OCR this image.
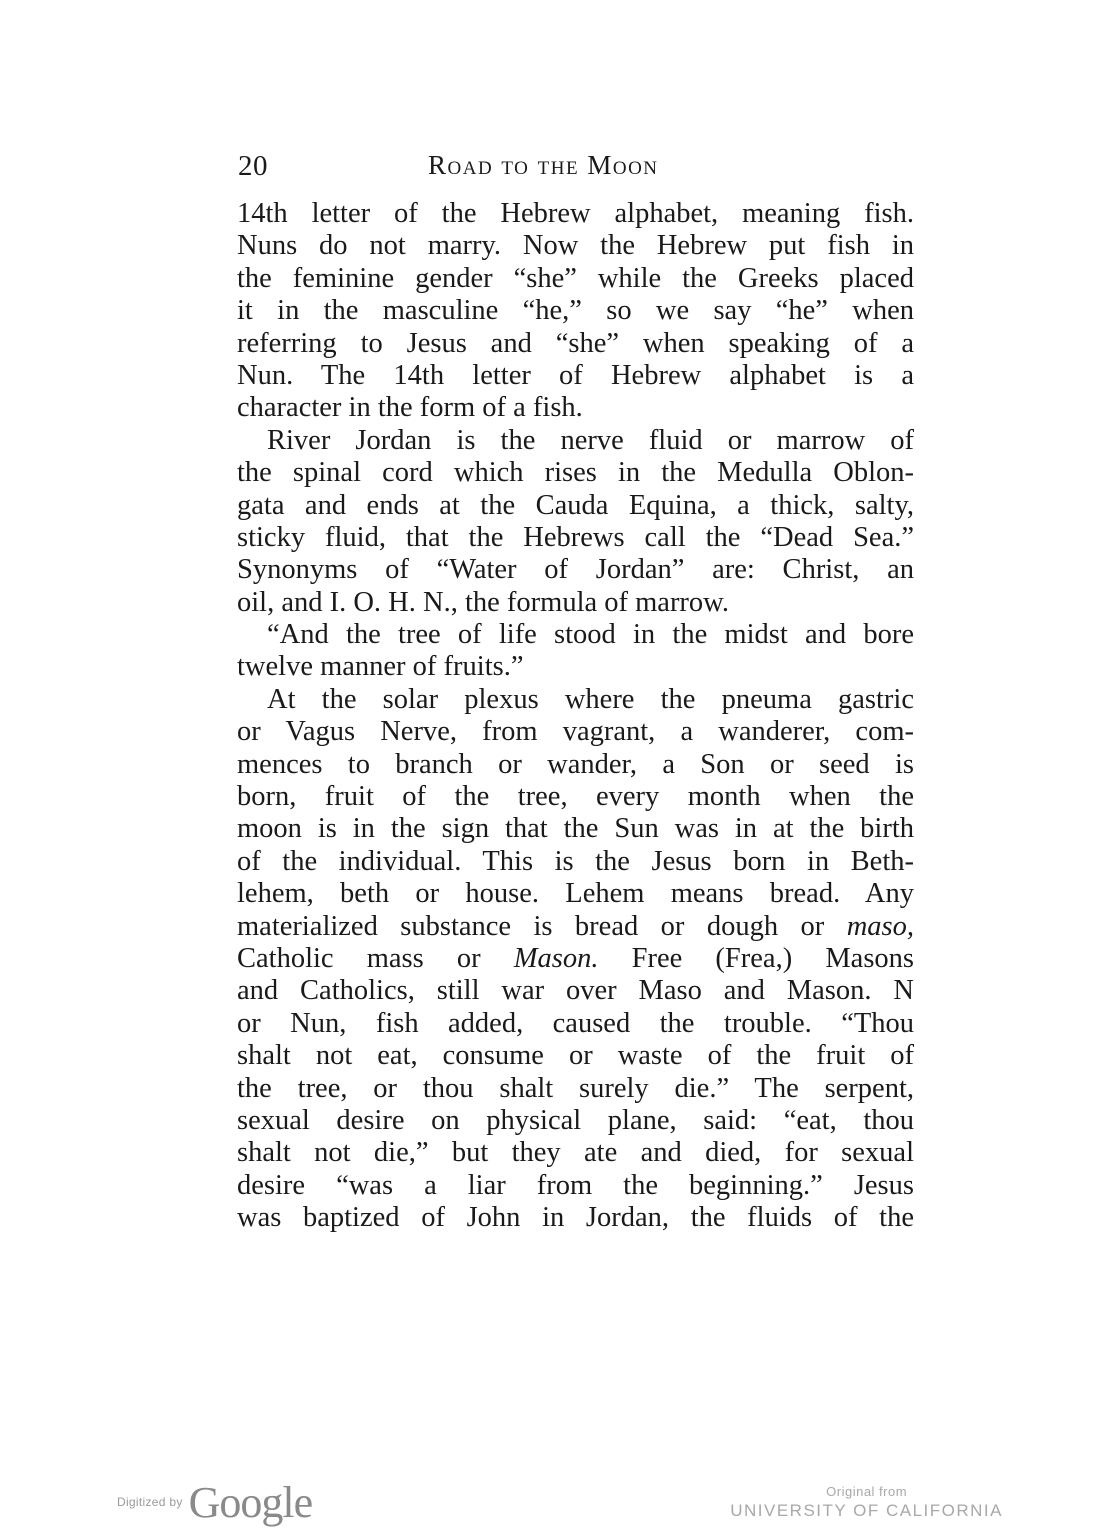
20	Road to the Moon
14th letter of the Hebrew alphabet, meaning fish.
Nuns do not marry. Now the Hebrew put fish in
the feminine gender “she” while the Greeks placed
it in the masculine “he,” so we say “he” when
referring to Jesus and “she” when speaking of a
Nun. The 14th letter of Hebrew alphabet is a
character in the form of a fish.
River Jordan is the nerve fluid or marrow of
the spinal cord which rises in the Medulla Oblon-
gata and ends at the Cauda Equina, a thick, salty,
sticky fluid, that the Hebrews call the “Dead Sea.”
Synonyms of “Water of Jordan” are: Christ, an
oil, and I. O. H. N., the formula of marrow.
“And the tree of life stood in the midst and bore
twelve manner of fruits.”
At the solar plexus where the pneuma gastric
or Vagus Nerve, from vagrant, a wanderer, com-
mences to branch or wander, a Son or seed is
born, fruit of the tree, every month when the
moon is in the sign that the Sun was in at the birth
of the individual. This is the Jesus born in Beth-
lehem, beth or house. Lehem means bread. Any
materialized substance is bread or dough or maso,
Catholic mass or Mason. Free (Frea,) Masons
and Catholics, still war over Maso and Mason. N
or Nun, fish added, caused the trouble. “Thou
shalt not eat, consume or waste of the fruit of
the tree, or thou shalt surely die.” The serpent,
sexual desire on physical plane, said: “eat, thou
shalt not die,” but they ate and died, for sexual
desire “was a liar from the beginning.” Jesus
was baptized of John in Jordan, the fluids of the
Digitized by Google	Original from
UNIVERSITY OF CALIFORNIA
